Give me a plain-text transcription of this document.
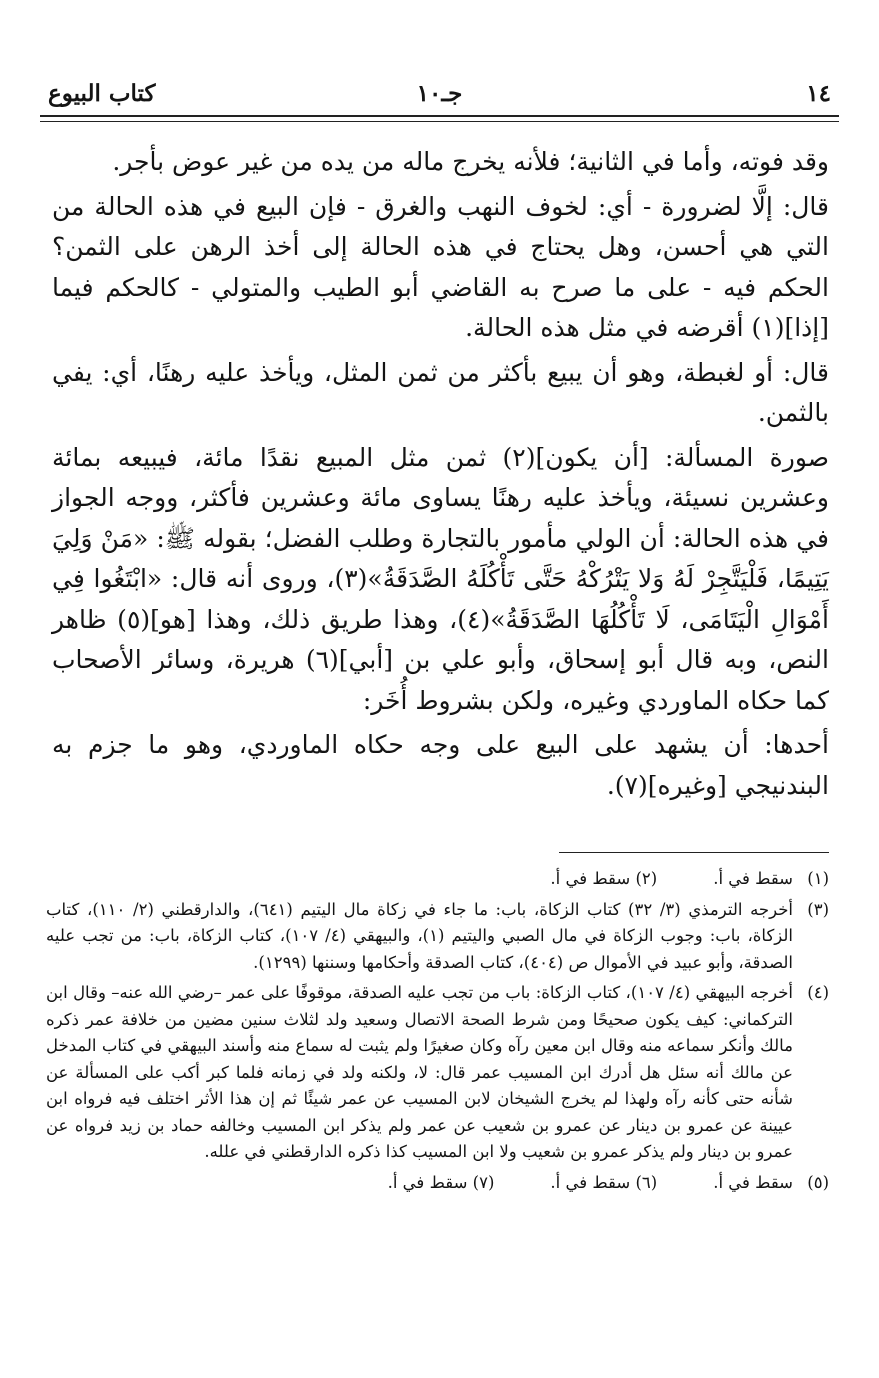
١٤
جـ١٠
كتاب البيوع

وقد فوته، وأما في الثانية؛ فلأنه يخرج ماله من يده من غير عوض بأجر.

قال: إلَّا لضرورة - أي: لخوف النهب والغرق - فإن البيع في هذه الحالة من التي هي أحسن، وهل يحتاج في هذه الحالة إلى أخذ الرهن على الثمن؟ الحكم فيه - على ما صرح به القاضي أبو الطيب والمتولي - كالحكم فيما [إذا](١) أقرضه في مثل هذه الحالة.

قال: أو لغبطة، وهو أن يبيع بأكثر من ثمن المثل، ويأخذ عليه رهنًا، أي: يفي بالثمن.

صورة المسألة: [أن يكون](٢) ثمن مثل المبيع نقدًا مائة، فيبيعه بمائة وعشرين نسيئة، ويأخذ عليه رهنًا يساوى مائة وعشرين فأكثر، ووجه الجواز في هذه الحالة: أن الولي مأمور بالتجارة وطلب الفضل؛ بقوله ﷺ: «مَنْ وَلِيَ يَتِيمًا، فَلْيَتَّجِرْ لَهُ وَلا يَتْرُكْهُ حَتَّى تَأْكُلَهُ الصَّدَقَةُ»(٣)، وروى أنه قال: «ابْتَغُوا فِي أَمْوَالِ الْيَتَامَى، لَا تَأْكُلُهَا الصَّدَقَةُ»(٤)، وهذا طريق ذلك، وهذا [هو](٥) ظاهر النص، وبه قال أبو إسحاق، وأبو علي بن [أبي](٦) هريرة، وسائر الأصحاب كما حكاه الماوردي وغيره، ولكن بشروط أُخَر:

أحدها: أن يشهد على البيع على وجه حكاه الماوردي، وهو ما جزم به البندنيجي [وغيره](٧).

(١)
سقط في أ.(٢) سقط في أ.
(٣)
أخرجه الترمذي (٣/ ٣٢) كتاب الزكاة، باب: ما جاء في زكاة مال اليتيم (٦٤١)، والدارقطني (٢/ ١١٠)، كتاب الزكاة، باب: وجوب الزكاة في مال الصبي واليتيم (١)، والبيهقي (٤/ ١٠٧)، كتاب الزكاة، باب: من تجب عليه الصدقة، وأبو عبيد في الأموال ص (٤٠٤)، كتاب الصدقة وأحكامها وسننها (١٢٩٩).
(٤)
أخرجه البيهقي (٤/ ١٠٧)، كتاب الزكاة: باب من تجب عليه الصدقة، موقوفًا على عمر –رضي الله عنه– وقال ابن التركماني: كيف يكون صحيحًا ومن شرط الصحة الاتصال وسعيد ولد لثلاث سنين مضين من خلافة عمر ذكره مالك وأنكر سماعه منه وقال ابن معين رآه وكان صغيرًا ولم يثبت له سماع منه وأسند البيهقي في كتاب المدخل عن مالك أنه سئل هل أدرك ابن المسيب عمر قال: لا، ولكنه ولد في زمانه فلما كبر أكب على المسألة عن شأنه حتى كأنه رآه ولهذا لم يخرج الشيخان لابن المسيب عن عمر شيئًا ثم إن هذا الأثر اختلف فيه فرواه ابن عيينة عن عمرو بن دينار عن عمرو بن شعيب عن عمر ولم يذكر ابن المسيب وخالفه حماد بن زيد فرواه عن عمرو بن دينار ولم يذكر عمرو بن شعيب ولا ابن المسيب كذا ذكره الدارقطني في علله.
(٥)
سقط في أ.(٦) سقط في أ.(٧) سقط في أ.
